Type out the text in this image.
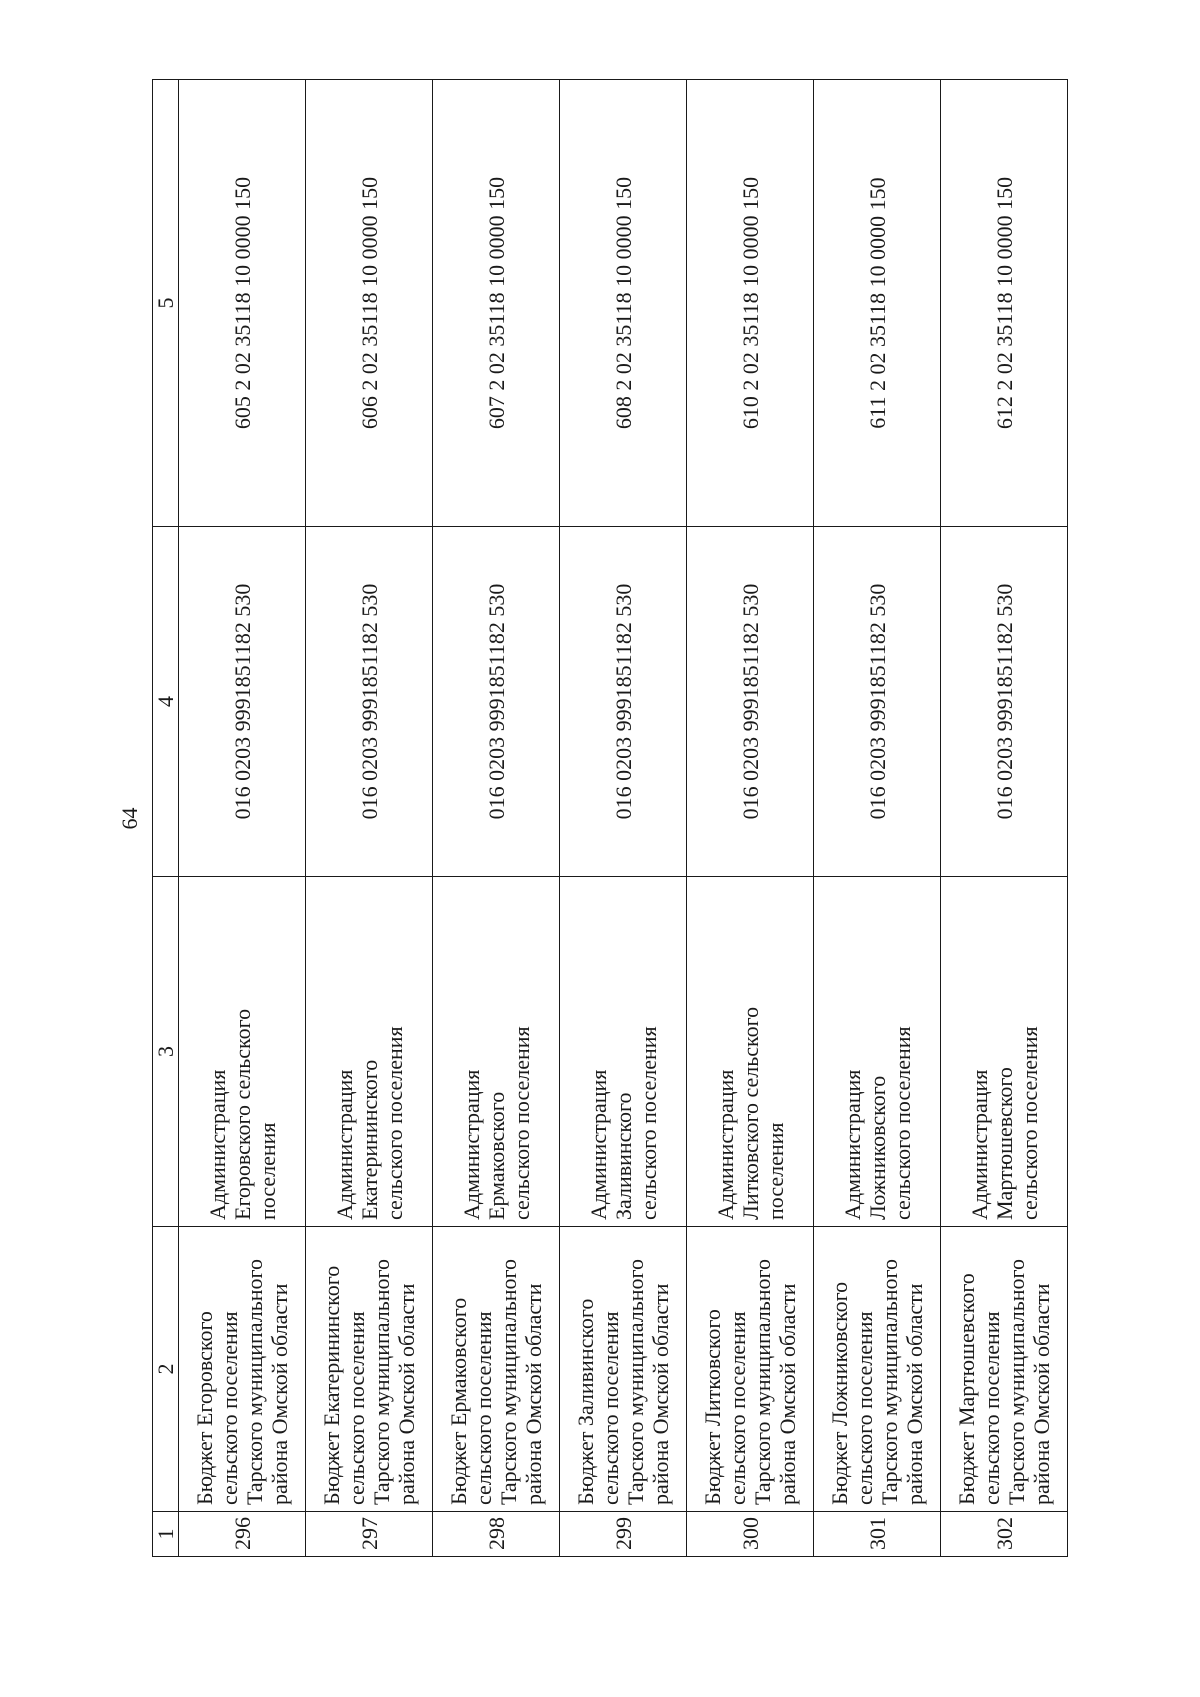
64
1	2	3	4	5
296	Бюджет Егоровского сельского поселения Тарского муниципального района Омской области	Администрация Егоровского сельского поселения	016 0203 9991851182 530	605 2 02 35118 10 0000 150
297	Бюджет Екатерининского сельского поселения Тарского муниципального района Омской области	Администрация Екатерининского сельского поселения	016 0203 9991851182 530	606 2 02 35118 10 0000 150
298	Бюджет Ермаковского сельского поселения Тарского муниципального района Омской области	Администрация Ермаковского сельского поселения	016 0203 9991851182 530	607 2 02 35118 10 0000 150
299	Бюджет Заливинского сельского поселения Тарского муниципального района Омской области	Администрация Заливинского сельского поселения	016 0203 9991851182 530	608 2 02 35118 10 0000 150
300	Бюджет Литковского сельского поселения Тарского муниципального района Омской области	Администрация Литковского сельского поселения	016 0203 9991851182 530	610 2 02 35118 10 0000 150
301	Бюджет Ложниковского сельского поселения Тарского муниципального района Омской области	Администрация Ложниковского сельского поселения	016 0203 9991851182 530	611 2 02 35118 10 0000 150
302	Бюджет Мартюшевского сельского поселения Тарского муниципального района Омской области	Администрация Мартюшевского сельского поселения	016 0203 9991851182 530	612 2 02 35118 10 0000 150
